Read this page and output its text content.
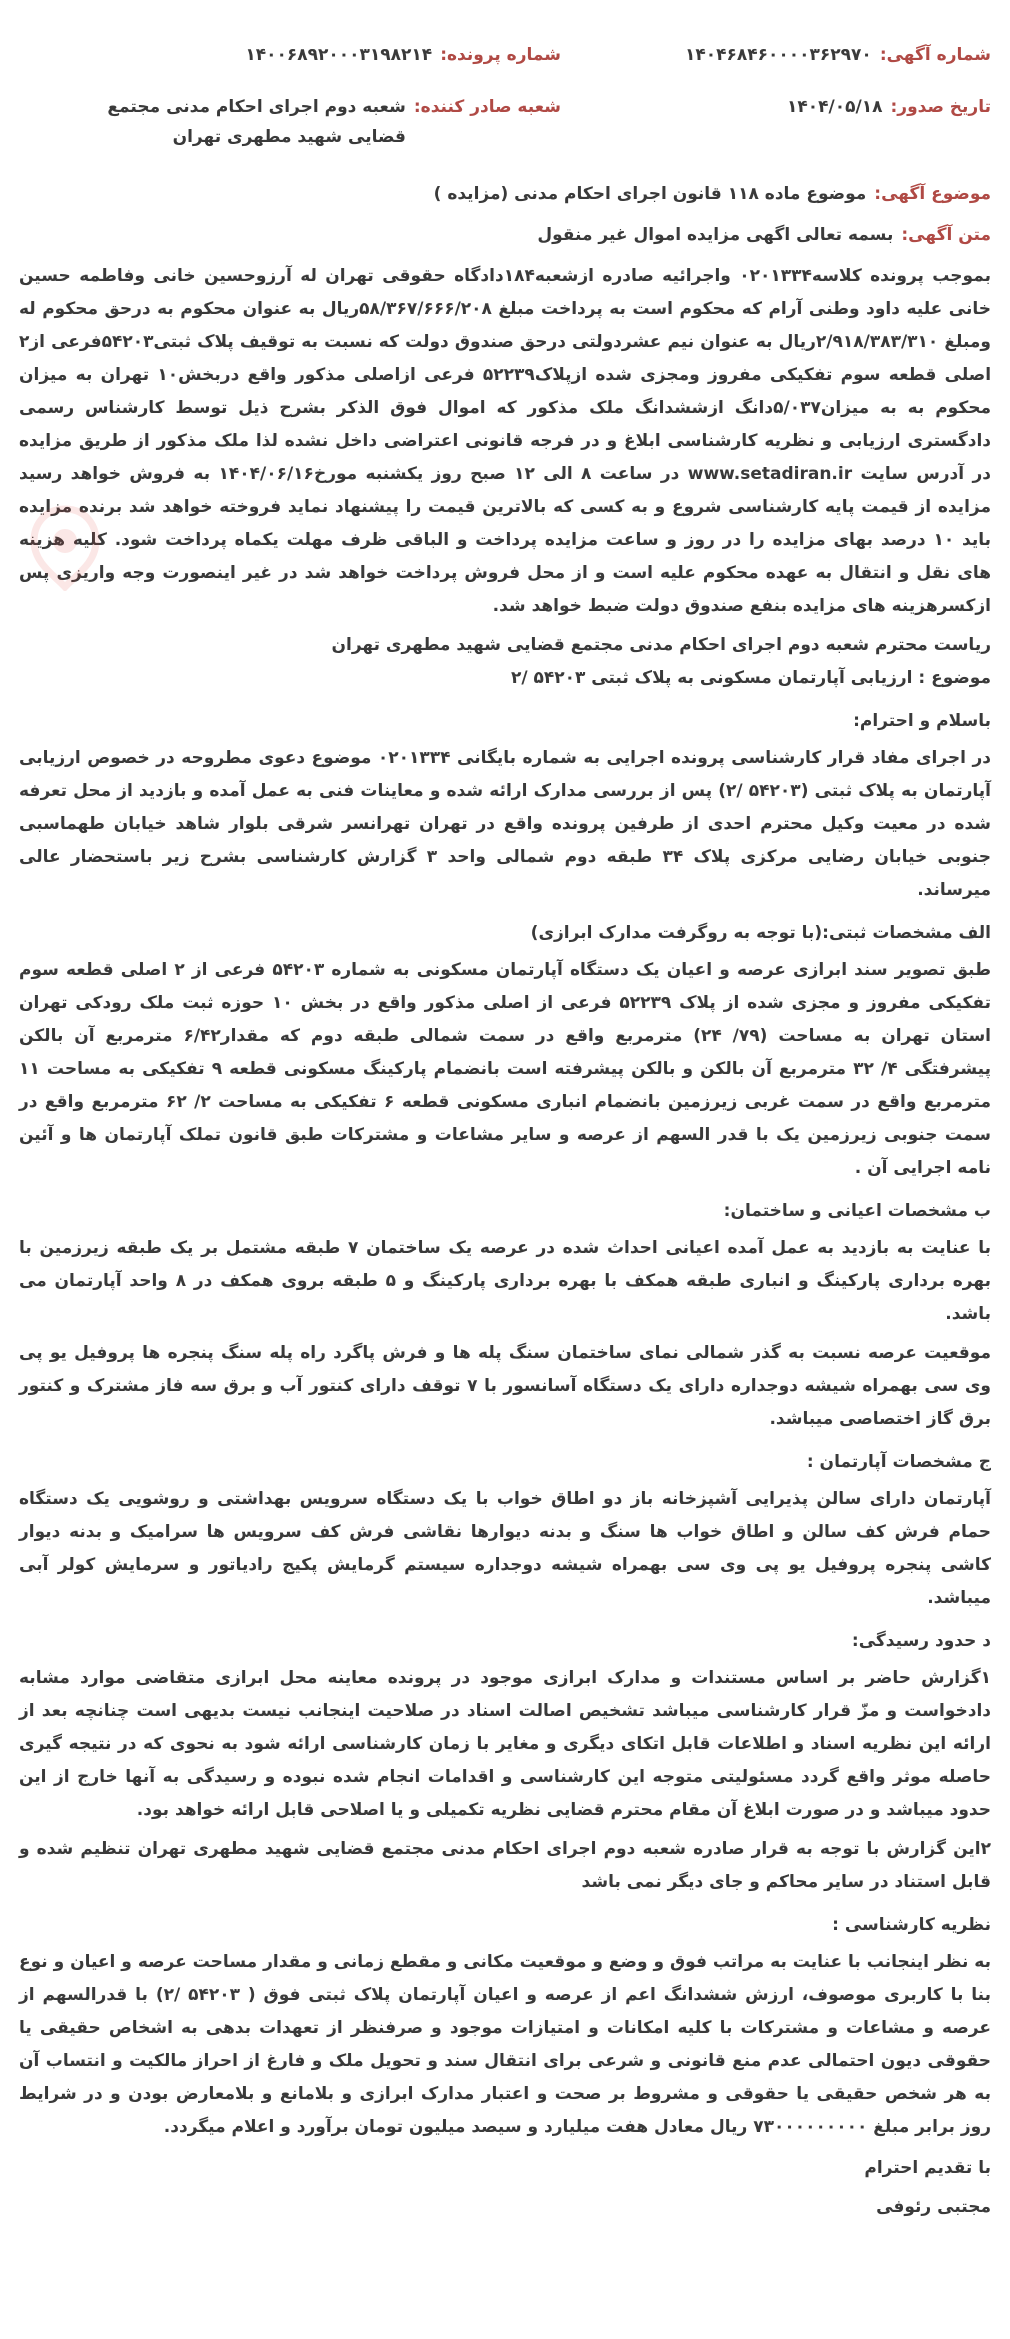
شماره آگهی:
۱۴۰۴۶۸۴۶۰۰۰۰۳۶۲۹۷۰
تاریخ صدور:
۱۴۰۴/۰۵/۱۸
شماره پرونده:
۱۴۰۰۶۸۹۲۰۰۰۳۱۹۸۲۱۴
شعبه صادر کننده:
شعبه دوم اجرای احکام مدنی مجتمع قضایی شهید مطهری تهران
موضوع آگهی:
موضوع ماده ۱۱۸ قانون اجرای احکام مدنی (مزایده )
متن آگهی:
بسمه تعالی اگهی مزایده اموال غیر منقول

بموجب پرونده کلاسه۰۲۰۱۳۳۴ واجرائیه صادره ازشعبه۱۸۴دادگاه حقوقی تهران له آرزوحسین خانی وفاطمه حسین خانی علیه داود وطنی آرام که محکوم است به پرداخت مبلغ ۵۸/۳۶۷/۶۶۶/۲۰۸ریال به عنوان محکوم به درحق محکوم له ومبلغ ۲/۹۱۸/۳۸۳/۳۱۰ریال به عنوان نیم عشردولتی درحق صندوق دولت که نسبت به توقیف پلاک ثبتی۵۴۲۰۳فرعی از۲ اصلی قطعه سوم تفکیکی مفروز ومجزی شده ازپلاک۵۲۲۳۹ فرعی ازاصلی مذکور واقع دربخش۱۰ تهران به میزان محکوم به به میزان۵/۰۳۷دانگ ازششدانگ ملک مذکور که اموال فوق الذکر بشرح ذیل توسط کارشناس رسمی دادگستری ارزیابی و نظریه کارشناسی ابلاغ و در فرجه قانونی اعتراضی داخل نشده لذا ملک مذکور از طریق مزایده در آدرس سایت www.setadiran.ir در ساعت ۸ الی ۱۲ صبح روز یکشنبه مورخ۱۴۰۴/۰۶/۱۶ به فروش خواهد رسید مزایده از قیمت پایه کارشناسی شروع و به کسی که بالاترین قیمت را پیشنهاد نماید فروخته خواهد شد برنده مزایده باید ۱۰ درصد بهای مزایده را در روز و ساعت مزایده پرداخت و الباقی ظرف مهلت یکماه پرداخت شود. کلیه هزینه های نقل و انتقال به عهده محکوم علیه است و از محل فروش پرداخت خواهد شد در غیر اینصورت وجه واریزی پس ازکسرهزینه های مزایده بنفع صندوق دولت ضبط خواهد شد.

ریاست محترم شعبه دوم اجرای احکام مدنی مجتمع قضایی شهید مطهری تهران

موضوع : ارزیابی آپارتمان مسکونی به پلاک ثبتی ۵۴۲۰۳ /۲

باسلام و احترام:

در اجرای مفاد قرار کارشناسی پرونده اجرایی به شماره بایگانی ۰۲۰۱۳۳۴ موضوع دعوی مطروحه در خصوص ارزیابی آپارتمان به پلاک ثبتی (۵۴۲۰۳ /۲) پس از بررسی مدارک ارائه شده و معاینات فنی به عمل آمده و بازدید از محل تعرفه شده در معیت وکیل محترم احدی از طرفین پرونده واقع در تهران تهرانسر شرقی بلوار شاهد خیابان طهماسبی جنوبی خیابان رضایی مرکزی پلاک ۳۴ طبقه دوم شمالی واحد ۳ گزارش کارشناسی بشرح زیر باستحضار عالی میرساند.

الف مشخصات ثبتی:(با توجه به روگرفت مدارک ابرازی)

طبق تصویر سند ابرازی عرصه و اعیان یک دستگاه آپارتمان مسکونی به شماره ۵۴۲۰۳ فرعی از ۲ اصلی قطعه سوم تفکیکی مفروز و مجزی شده از پلاک ۵۲۲۳۹ فرعی از اصلی مذکور واقع در بخش ۱۰ حوزه ثبت ملک رودکی تهران استان تهران به مساحت (۷۹/ ۲۴) مترمربع واقع در سمت شمالی طبقه دوم که مقدار۶/۴۲ مترمربع آن بالکن پیشرفتگی ۴/ ۳۲ مترمربع آن بالکن و بالکن پیشرفته است بانضمام پارکینگ مسکونی قطعه ۹ تفکیکی به مساحت ۱۱ مترمربع واقع در سمت غربی زیرزمین بانضمام انباری مسکونی قطعه ۶ تفکیکی به مساحت ۲/ ۶۲ مترمربع واقع در سمت جنوبی زیرزمین یک با قدر السهم از عرصه و سایر مشاعات و مشترکات طبق قانون تملک آپارتمان ها و آئین نامه اجرایی آن .

ب مشخصات اعیانی و ساختمان:

با عنایت به بازدید به عمل آمده اعیانی احداث شده در عرصه یک ساختمان ۷ طبقه مشتمل بر یک طبقه زیرزمین با بهره برداری پارکینگ و انباری طبقه همکف با بهره برداری پارکینگ و ۵ طبقه بروی همکف در ۸ واحد آپارتمان می باشد.

موقعیت عرصه نسبت به گذر شمالی نمای ساختمان سنگ پله ها و فرش پاگرد راه پله سنگ پنجره ها پروفیل یو پی وی سی بهمراه شیشه دوجداره دارای یک دستگاه آسانسور با ۷ توقف دارای کنتور آب و برق سه فاز مشترک و کنتور برق گاز اختصاصی میباشد.

ج مشخصات آپارتمان :

آپارتمان دارای سالن پذیرایی آشپزخانه باز دو اطاق خواب با یک دستگاه سرویس بهداشتی و روشویی یک دستگاه حمام فرش کف سالن و اطاق خواب ها سنگ و بدنه دیوارها نقاشی فرش کف سرویس ها سرامیک و بدنه دیوار کاشی پنجره پروفیل یو پی وی سی بهمراه شیشه دوجداره سیستم گرمایش پکیج رادیاتور و سرمایش کولر آبی میباشد.

د حدود رسیدگی:

۱گزارش حاضر بر اساس مستندات و مدارک ابرازی موجود در پرونده معاینه محل ابرازی متقاضی موارد مشابه دادخواست و مزّ قرار کارشناسی میباشد تشخیص اصالت اسناد در صلاحیت اینجانب نیست بدیهی است چنانچه بعد از ارائه این نظریه اسناد و اطلاعات قابل اتکای دیگری و مغایر با زمان کارشناسی ارائه شود به نحوی که در نتیجه گیری حاصله موثر واقع گردد مسئولیتی متوجه این کارشناسی و اقدامات انجام شده نبوده و رسیدگی به آنها خارج از این حدود میباشد و در صورت ابلاغ آن مقام محترم قضایی نظریه تکمیلی و یا اصلاحی قابل ارائه خواهد بود.

۲این گزارش با توجه به قرار صادره شعبه دوم اجرای احکام مدنی مجتمع قضایی شهید مطهری تهران تنظیم شده و قابل استناد در سایر محاکم و جای دیگر نمی باشد

نظریه کارشناسی :

به نظر اینجانب با عنایت به مراتب فوق و وضع و موقعیت مکانی و مقطع زمانی و مقدار مساحت عرصه و اعیان و نوع بنا با کاربری موصوف، ارزش ششدانگ اعم از عرصه و اعیان آپارتمان پلاک ثبتی فوق ( ۵۴۲۰۳ /۲) با قدرالسهم از عرصه و مشاعات و مشترکات با کلیه امکانات و امتیازات موجود و صرفنظر از تعهدات بدهی به اشخاص حقیقی یا حقوقی دیون احتمالی عدم منع قانونی و شرعی برای انتقال سند و تحویل ملک و فارغ از احراز مالکیت و انتساب آن به هر شخص حقیقی یا حقوقی و مشروط بر صحت و اعتبار مدارک ابرازی و بلامانع و بلامعارض بودن و در شرایط روز برابر مبلغ ۷۳۰۰۰۰۰۰۰۰۰ ریال معادل هفت میلیارد و سیصد میلیون تومان برآورد و اعلام میگردد.

با تقدیم احترام

مجتبی رئوفی
